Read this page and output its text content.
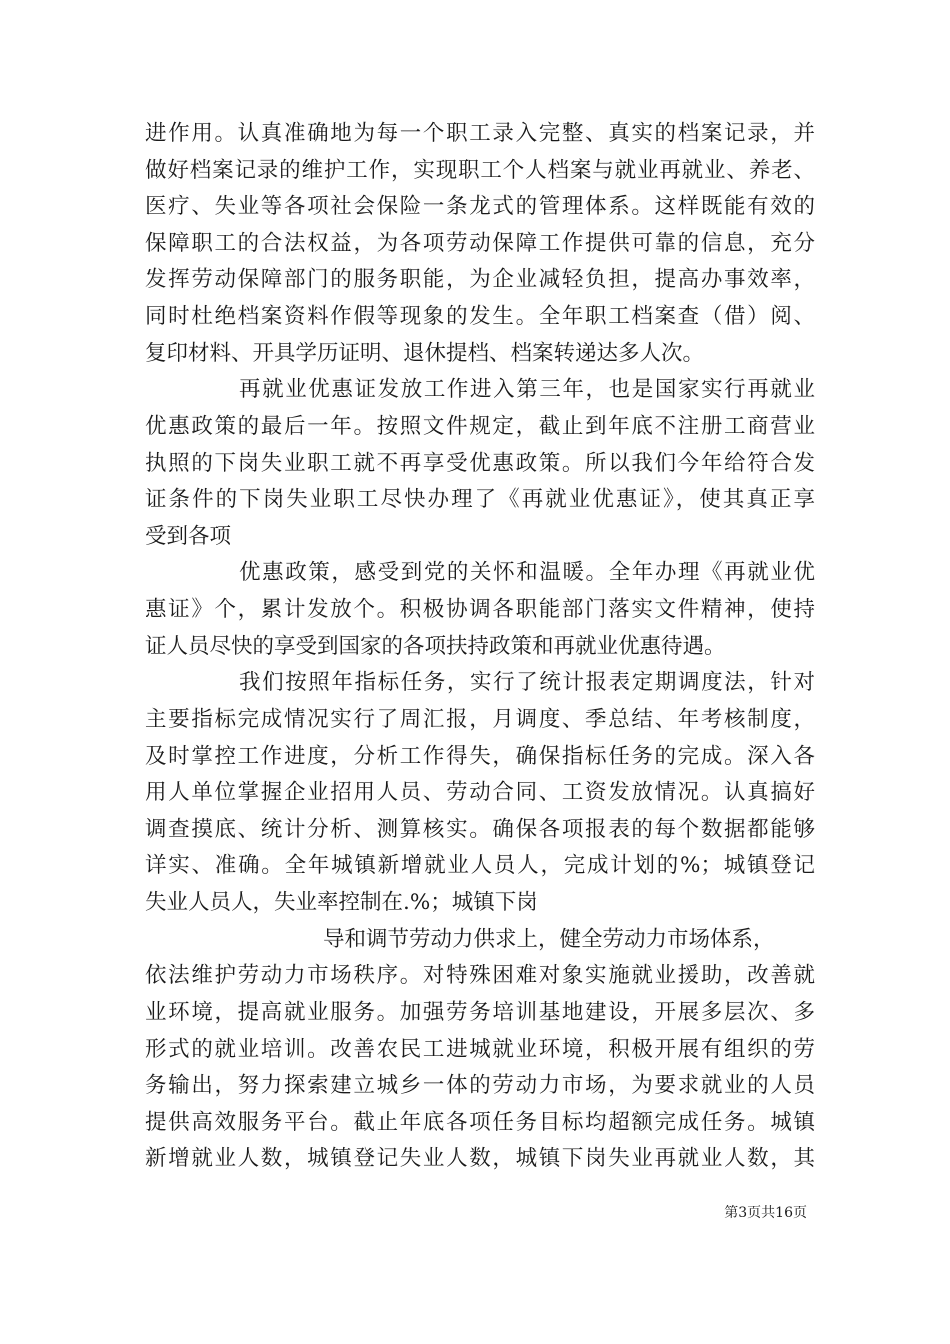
进作用。认真准确地为每一个职工录入完整、真实的档案记录，并
做好档案记录的维护工作，实现职工个人档案与就业再就业、养老、
医疗、失业等各项社会保险一条龙式的管理体系。这样既能有效的
保障职工的合法权益，为各项劳动保障工作提供可靠的信息，充分
发挥劳动保障部门的服务职能，为企业减轻负担，提高办事效率，
同时杜绝档案资料作假等现象的发生。全年职工档案查（借）阅、
复印材料、开具学历证明、退休提档、档案转递达多人次。
再就业优惠证发放工作进入第三年，也是国家实行再就业
优惠政策的最后一年。按照文件规定，截止到年底不注册工商营业
执照的下岗失业职工就不再享受优惠政策。所以我们今年给符合发
证条件的下岗失业职工尽快办理了《再就业优惠证》，使其真正享
受到各项
优惠政策，感受到党的关怀和温暖。全年办理《再就业优
惠证》个，累计发放个。积极协调各职能部门落实文件精神，使持
证人员尽快的享受到国家的各项扶持政策和再就业优惠待遇。
我们按照年指标任务，实行了统计报表定期调度法，针对
主要指标完成情况实行了周汇报，月调度、季总结、年考核制度，
及时掌控工作进度，分析工作得失，确保指标任务的完成。深入各
用人单位掌握企业招用人员、劳动合同、工资发放情况。认真搞好
调查摸底、统计分析、测算核实。确保各项报表的每个数据都能够
详实、准确。全年城镇新增就业人员人，完成计划的%；城镇登记
失业人员人，失业率控制在.%；城镇下岗
导和调节劳动力供求上，健全劳动力市场体系，
依法维护劳动力市场秩序。对特殊困难对象实施就业援助，改善就
业环境，提高就业服务。加强劳务培训基地建设，开展多层次、多
形式的就业培训。改善农民工进城就业环境，积极开展有组织的劳
务输出，努力探索建立城乡一体的劳动力市场，为要求就业的人员
提供高效服务平台。截止年底各项任务目标均超额完成任务。城镇
新增就业人数，城镇登记失业人数，城镇下岗失业再就业人数，其
第3页共16页
